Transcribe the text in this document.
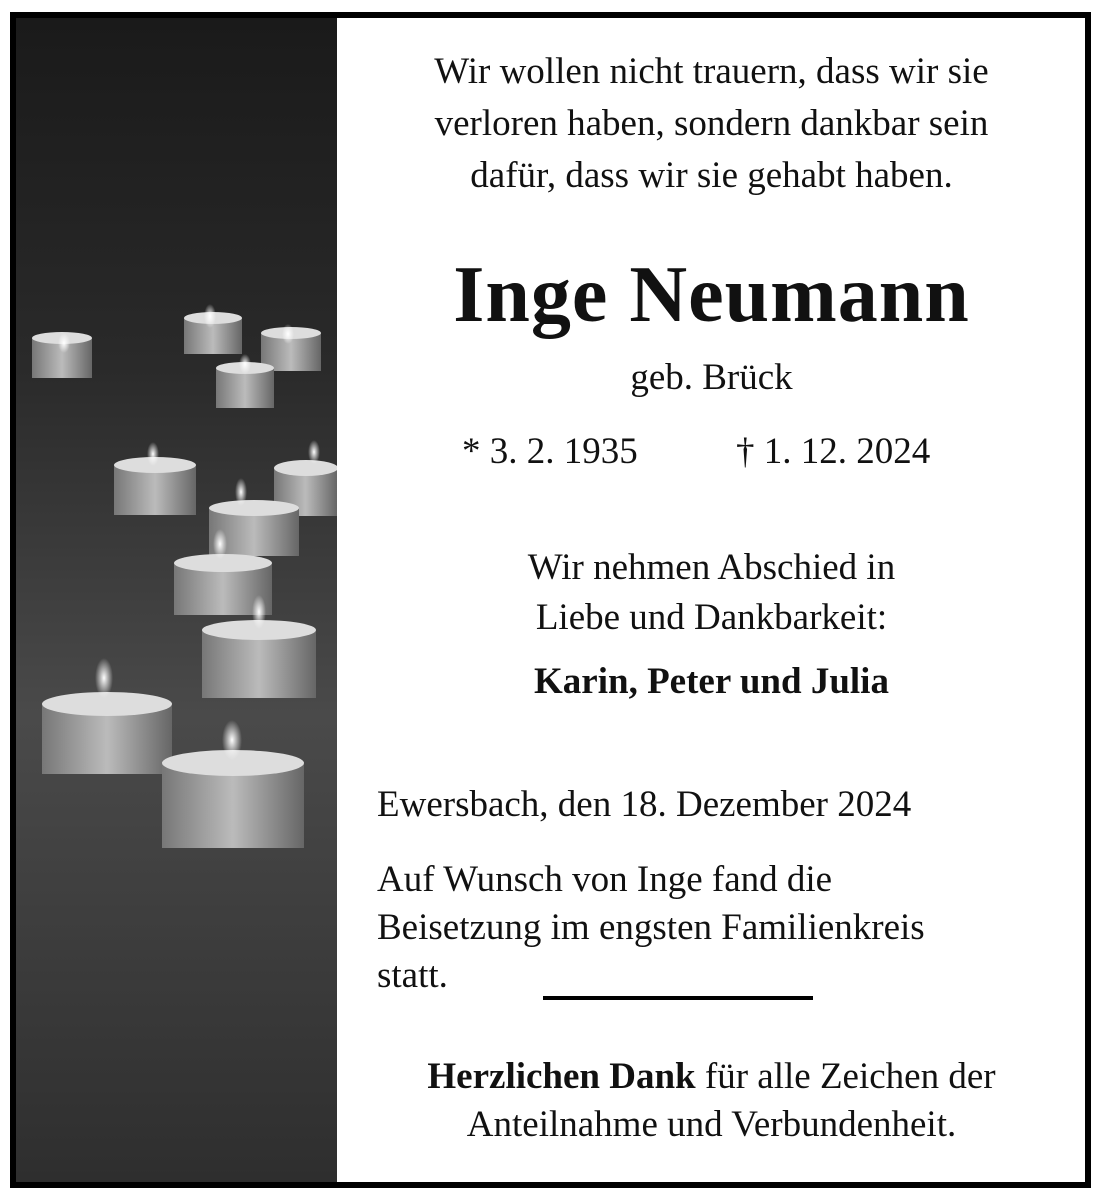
Wir wollen nicht trauern, dass wir sie
verloren haben, sondern dankbar sein
dafür, dass wir sie gehabt haben.
Inge Neumann
geb. Brück
* 3. 2. 1935	† 1. 12. 2024
Wir nehmen Abschied in
Liebe und Dankbarkeit:
Karin, Peter und Julia
Ewersbach, den 18. Dezember 2024
Auf Wunsch von Inge fand die
Beisetzung im engsten Familienkreis
statt.
Herzlichen Dank für alle Zeichen der
Anteilnahme und Verbundenheit.
